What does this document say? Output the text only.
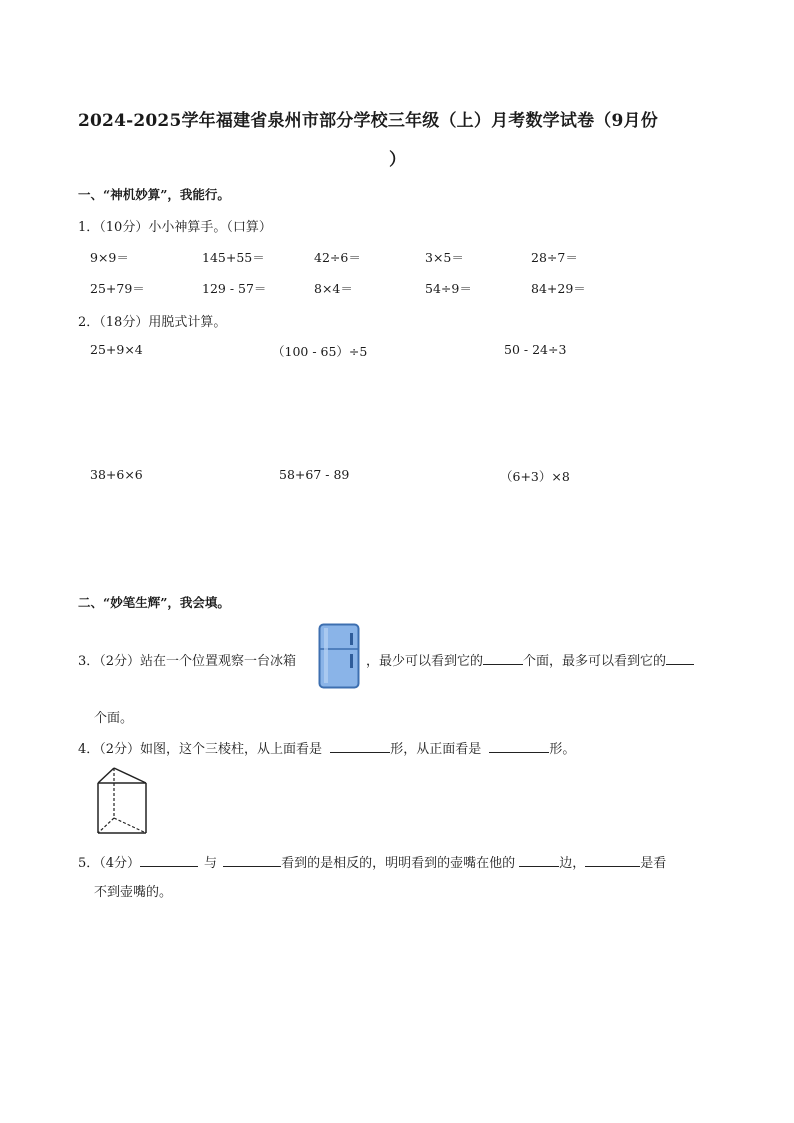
2024-2025学年福建省泉州市部分学校三年级（上）月考数学试卷（9月份
）
一、“神机妙算”，我能行。
1．（10分）小小神算手。（口算）
9×9＝	145+55＝	42÷6＝	3×5＝	28÷7＝
25+79＝	129 - 57＝	8×4＝	54÷9＝	84+29＝
2．（18分）用脱式计算。
25+9×4	（100 - 65）÷5	50 - 24÷3
38+6×6	58+67 - 89	（6+3）×8
二、“妙笔生辉”，我会填。
3．（2分）站在一个位置观察一台冰箱	，最少可以看到它的	个面，最多可以看到它的
个面。
4．（2分）如图，这个三棱柱，从上面看是	形，从正面看是	形。
5．（4分）	与	看到的是相反的，明明看到的壶嘴在他的	边，	是看
不到壶嘴的。
